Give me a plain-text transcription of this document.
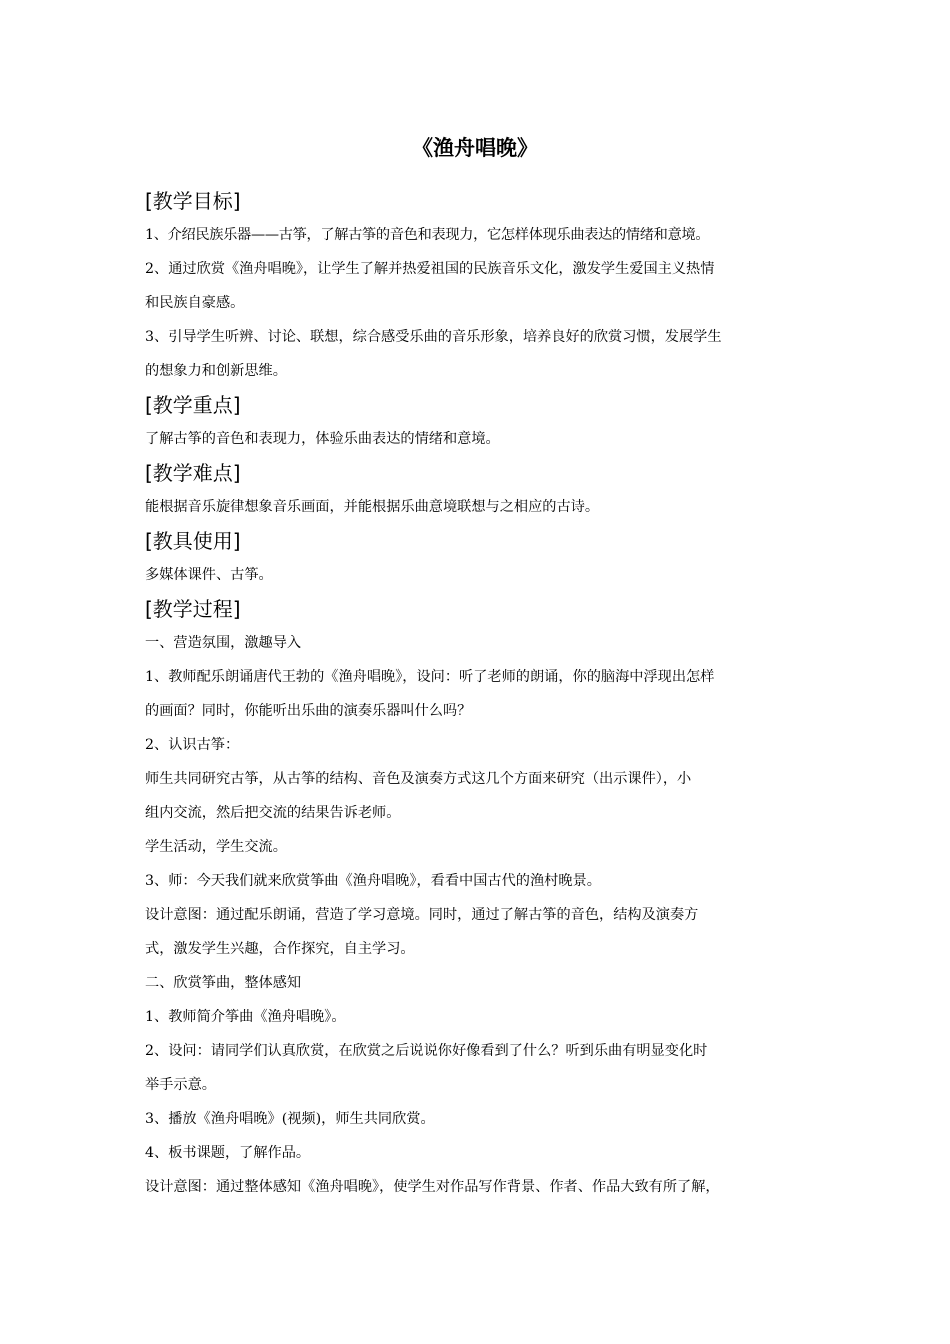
《渔舟唱晚》
[教学目标]
1、介绍民族乐器——古筝，了解古筝的音色和表现力，它怎样体现乐曲表达的情绪和意境。
2、通过欣赏《渔舟唱晚》，让学生了解并热爱祖国的民族音乐文化，激发学生爱国主义热情
和民族自豪感。
3、引导学生听辨、讨论、联想，综合感受乐曲的音乐形象，培养良好的欣赏习惯，发展学生
的想象力和创新思维。
[教学重点]
了解古筝的音色和表现力，体验乐曲表达的情绪和意境。
[教学难点]
能根据音乐旋律想象音乐画面，并能根据乐曲意境联想与之相应的古诗。
[教具使用]
多媒体课件、古筝。
[教学过程]
一、营造氛围，激趣导入
1、教师配乐朗诵唐代王勃的《渔舟唱晚》，设问：听了老师的朗诵，你的脑海中浮现出怎样
的画面？同时，你能听出乐曲的演奏乐器叫什么吗？
2、认识古筝：
师生共同研究古筝，从古筝的结构、音色及演奏方式这几个方面来研究（出示课件），小
组内交流，然后把交流的结果告诉老师。
学生活动，学生交流。
3、师：今天我们就来欣赏筝曲《渔舟唱晚》，看看中国古代的渔村晚景。
设计意图：通过配乐朗诵，营造了学习意境。同时，通过了解古筝的音色，结构及演奏方
式，激发学生兴趣，合作探究，自主学习。
二、欣赏筝曲，整体感知
1、教师简介筝曲《渔舟唱晚》。
2、设问：请同学们认真欣赏，在欣赏之后说说你好像看到了什么？听到乐曲有明显变化时
举手示意。
3、播放《渔舟唱晚》(视频)，师生共同欣赏。
4、板书课题，了解作品。
设计意图：通过整体感知《渔舟唱晚》，使学生对作品写作背景、作者、作品大致有所了解，
